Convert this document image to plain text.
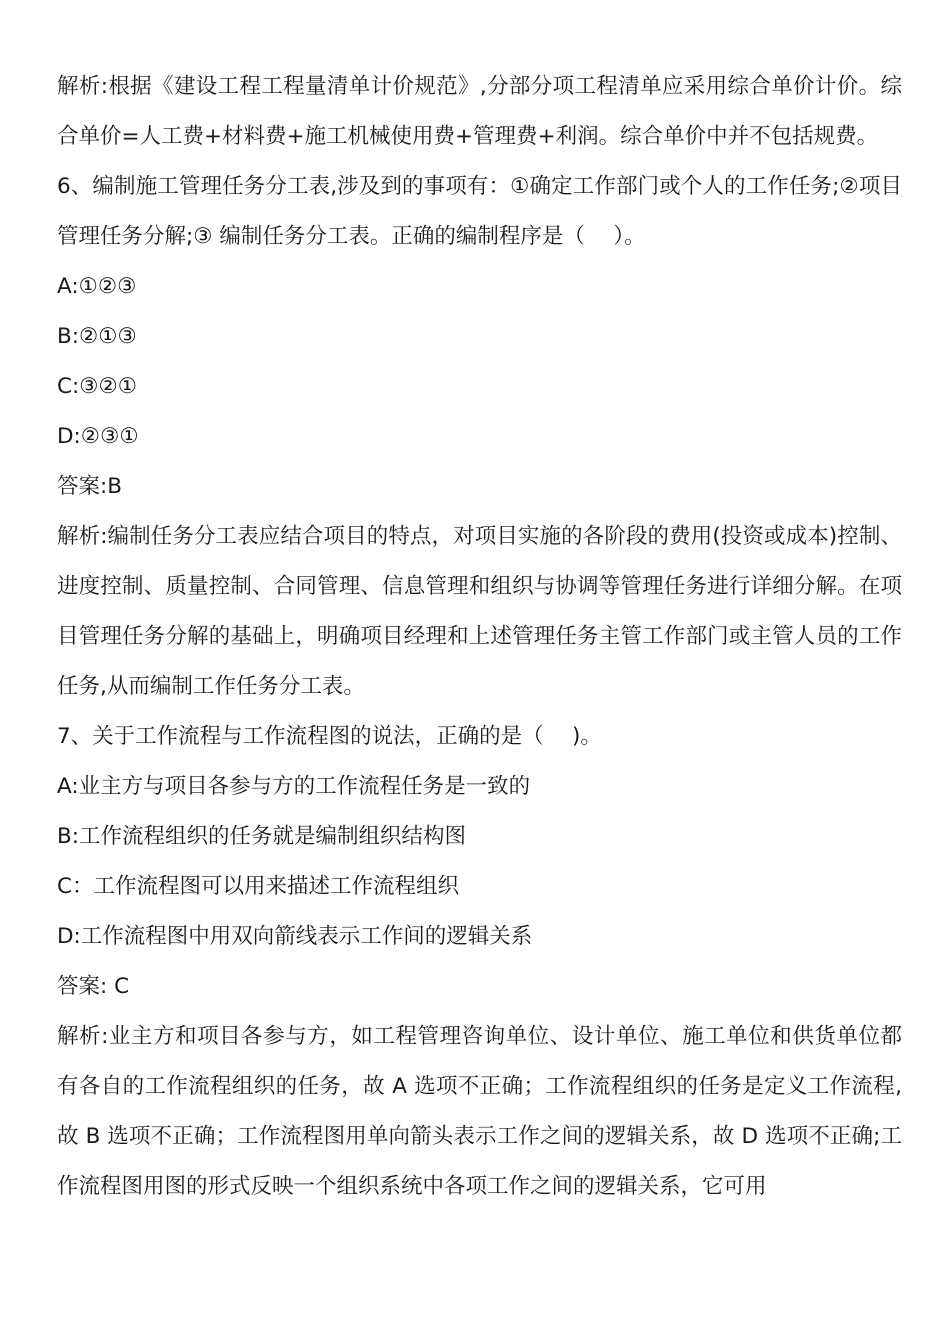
解析:根据《建设工程工程量清单计价规范》,分部分项工程清单应采用综合单价计价。综合单价=人工费+材料费+施工机械使用费+管理费+利润。综合单价中并不包括规费。

6、编制施工管理任务分工表,涉及到的事项有：①确定工作部门或个人的工作任务;②项目管理任务分解;③ 编制任务分工表。正确的编制程序是（　 ）。

A:①②③

B:②①③

C:③②①

D:②③①

答案:B

解析:编制任务分工表应结合项目的特点，对项目实施的各阶段的费用(投资或成本)控制、进度控制、质量控制、合同管理、信息管理和组织与协调等管理任务进行详细分解。在项目管理任务分解的基础上，明确项目经理和上述管理任务主管工作部门或主管人员的工作任务,从而编制工作任务分工表。

7、关于工作流程与工作流程图的说法，正确的是（　 )。

A:业主方与项目各参与方的工作流程任务是一致的

B:工作流程组织的任务就是编制组织结构图

C：工作流程图可以用来描述工作流程组织

D:工作流程图中用双向箭线表示工作间的逻辑关系

答案: C

解析:业主方和项目各参与方，如工程管理咨询单位、设计单位、施工单位和供货单位都有各自的工作流程组织的任务，故 A 选项不正确；工作流程组织的任务是定义工作流程,故 B 选项不正确；工作流程图用单向箭头表示工作之间的逻辑关系，故 D 选项不正确;工作流程图用图的形式反映一个组织系统中各项工作之间的逻辑关系，它可用
